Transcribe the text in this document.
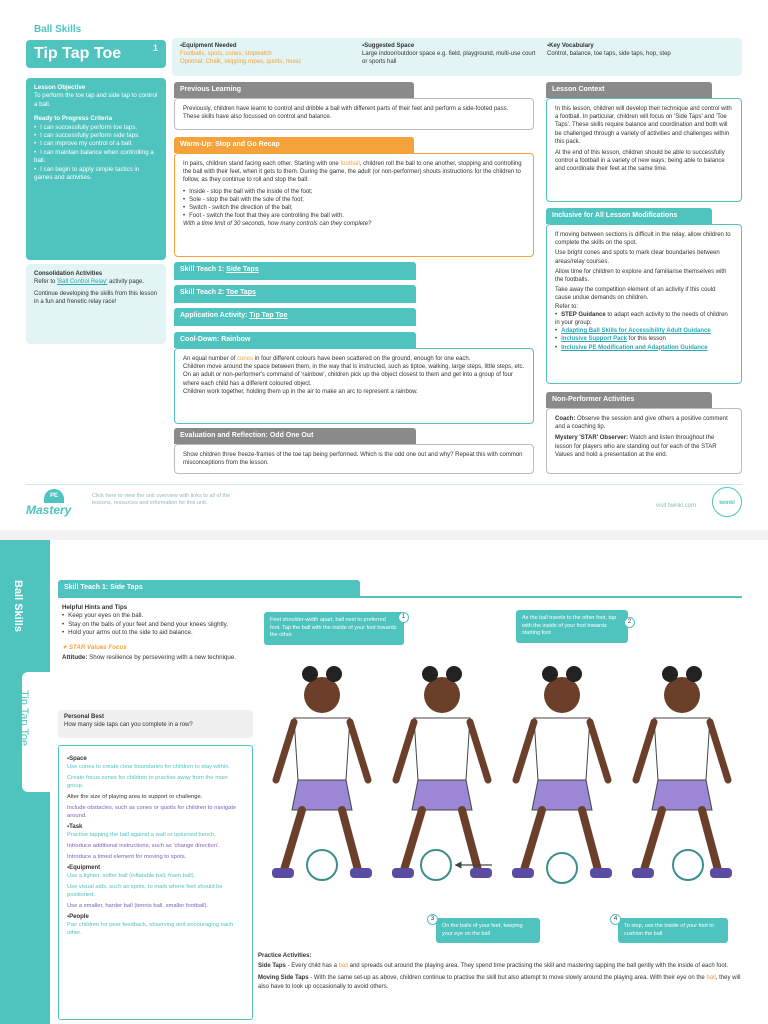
Ball Skills
Tip Tap Toe	1	▪Equipment Needed
Footballs, spots, cones, stopwatch
Optional: Chalk, skipping ropes, quoits, music
▪Suggested Space
Large indoor/outdoor space e.g. field, playground, multi-use court or sports hall
▪Key Vocabulary
Control, balance, toe taps, side taps, hop, step
Lesson Objective
To perform the toe tap and side tap to control a ball.
Ready to Progress Criteria
• I can successfully perform toe taps.
• I can successfully perform side taps.
• I can improve my control of a ball.
• I can maintain balance when controlling a ball.
• I can begin to apply simple tactics in games and activities.
Consolidation Activities
Refer to 'Ball Control Relay' activity page.
Continue developing the skills from this lesson in a fun and frenetic relay race!
Previous Learning
Previously, children have learnt to control and dribble a ball with different parts of their feet and perform a side-footed pass. These skills have also focussed on control and balance.
Warm-Up: Stop and Go Recap
In pairs, children stand facing each other. Starting with one football, children roll the ball to one another, stopping and controlling the ball with their feet, when it gets to them. During the game, the adult (or non-performer) shouts instructions for the children to follow, as they continue to roll and stop the ball:
• Inside - stop the ball with the inside of the foot;
• Sole - stop the ball with the sole of the foot;
• Switch - switch the direction of the ball;
• Foot - switch the foot that they are controlling the ball with.
With a time limit of 30 seconds, how many controls can they complete?
Skill Teach 1: Side Taps
Skill Teach 2: Toe Taps
Application Activity: Tip Tap Toe
Cool-Down: Rainbow
An equal number of cones in four different colours have been scattered on the ground, enough for one each.
Children move around the space between them, in the way that is instructed, such as tiptoe, walking, large steps, little steps, etc.
On an adult or non-performer's command of 'rainbow', children pick up the object closest to them and get into a group of four where each child has a different coloured object.
Children work together, holding them up in the air to make an arc to represent a rainbow.
Evaluation and Reflection: Odd One Out
Show children three freeze-frames of the toe tap being performed. Which is the odd one out and why? Repeat this with common misconceptions from the lesson.
Lesson Context
In this lesson, children will develop their technique and control with a football. In particular, children will focus on 'Side Taps' and 'Toe Taps'. These skills require balance and coordination and both will be challenged through a variety of activities and challenges within this pack.
At the end of this lesson, children should be able to successfully control a football in a variety of new ways; being able to balance and coordinate their feet at the same time.
Inclusive for All Lesson Modifications
If moving between sections is difficult in the relay, allow children to complete the skills on the spot.
Use bright cones and spots to mark clear boundaries between areas/relay courses.
Allow time for children to explore and familiarise themselves with the footballs.
Take away the competition element of an activity if this could cause undue demands on children.
Refer to:
• STEP Guidance to adapt each activity to the needs of children in your group;
• Adapting Ball Skills for Accessibility Adult Guidance
• Inclusive Support Pack for this lesson
• Inclusive PE Modification and Adaptation Guidance
Non-Performer Activities
Coach: Observe the session and give others a positive comment and a coaching tip.
Mystery 'STAR' Observer: Watch and listen throughout the lesson for players who are standing out for each of the STAR Values and hold a presentation at the end.
PE
Mastery
Click here to view the unit overview with links to all of the lessons, resources and information for this unit.	visit twinkl.com	twinkl
Ball Skills
Tip Tap Toe
Skill Teach 1: Side Taps
Helpful Hints and Tips
• Keep your eyes on the ball.
• Stay on the balls of your feet and bend your knees slightly.
• Hold your arms out to the side to aid balance.
✦ STAR Values Focus
Attitude: Show resilience by persevering with a new technique.
Personal Best
How many side taps can you complete in a row?
▪Space

Use cones to create clear boundaries for children to stay within.

Create focus zones for children to practise away from the main group.

Alter the size of playing area to support or challenge.

Include obstacles, such as cones or quoits for children to navigate around.

▪Task

Practise tapping the ball against a wall or upturned bench.

Introduce additional instructions, such as 'change direction'.

Introduce a timed element for moving to spots.

▪Equipment

Use a lighter, softer ball (inflatable ball, foam ball).

Use visual aids, such as spots, to mark where feet should be positioned.

Use a smaller, harder ball (tennis ball, smaller football).

▪People

Pair children for peer feedback, observing and encouraging each other.

Feet shoulder-width apart, ball next to preferred foot. Tap the ball with the inside of your foot towards the other.
1	As the ball travels to the other foot, tap with the inside of your foot towards starting foot
2
On the balls of your feet, keeping your eye on the ball
3
To stop, use the inside of your foot to cushion the ball
4
Practice Activities:
Side Taps - Every child has a ball and spreads out around the playing area. They spend time practising the skill and mastering tapping the ball gently with the inside of each foot.
Moving Side Taps - With the same set-up as above, children continue to practise the skill but also attempt to move slowly around the playing area. With their eye on the ball, they will also have to look up occasionally to avoid others.
